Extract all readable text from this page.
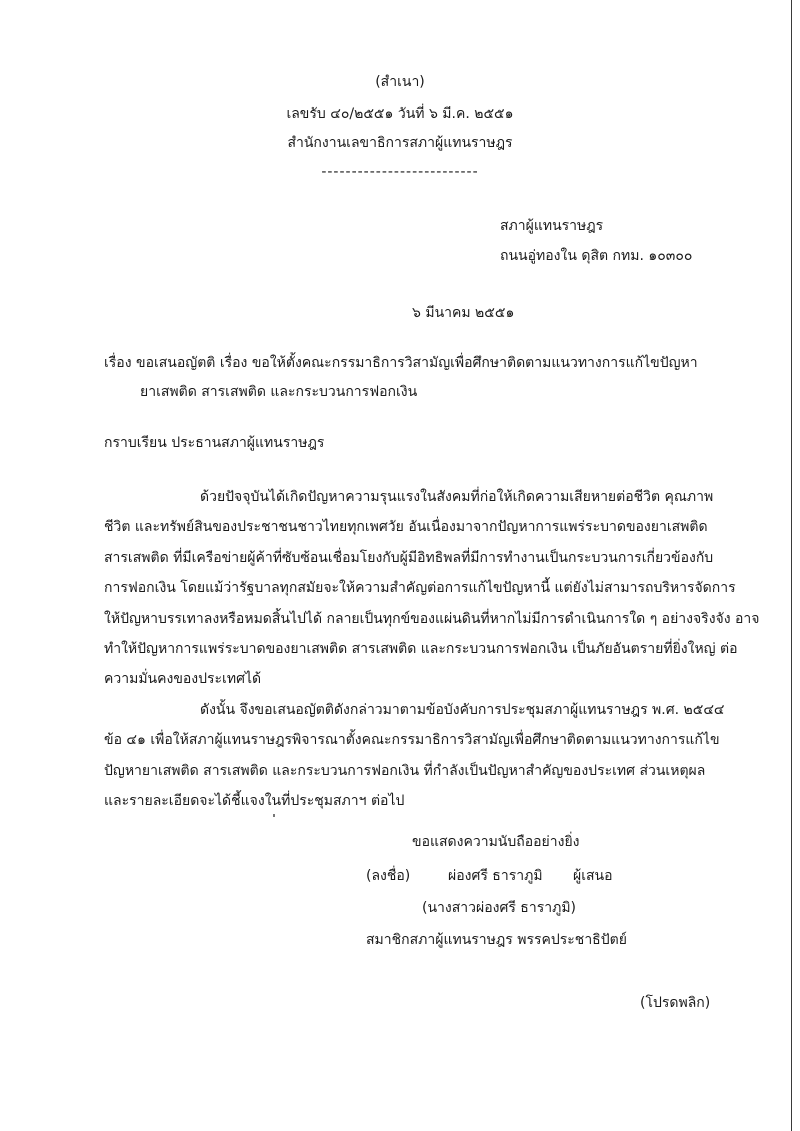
(สำเนา)
เลขรับ ๔๐/๒๕๕๑ วันที่ ๖ มี.ค. ๒๕๕๑
สำนักงานเลขาธิการสภาผู้แทนราษฎร
--------------------------
สภาผู้แทนราษฎร
ถนนอู่ทองใน ดุสิต กทม. ๑๐๓๐๐
๖ มีนาคม ๒๕๕๑
เรื่อง ขอเสนอญัตติ เรื่อง ขอให้ตั้งคณะกรรมาธิการวิสามัญเพื่อศึกษาติดตามแนวทางการแก้ไขปัญหา
ยาเสพติด สารเสพติด และกระบวนการฟอกเงิน
กราบเรียน ประธานสภาผู้แทนราษฎร
ด้วยปัจจุบันได้เกิดปัญหาความรุนแรงในสังคมที่ก่อให้เกิดความเสียหายต่อชีวิต คุณภาพ
ชีวิต และทรัพย์สินของประชาชนชาวไทยทุกเพศวัย อันเนื่องมาจากปัญหาการแพร่ระบาดของยาเสพติด
สารเสพติด ที่มีเครือข่ายผู้ค้าที่ซับซ้อนเชื่อมโยงกับผู้มีอิทธิพลที่มีการทำงานเป็นกระบวนการเกี่ยวข้องกับ
การฟอกเงิน โดยแม้ว่ารัฐบาลทุกสมัยจะให้ความสำคัญต่อการแก้ไขปัญหานี้ แต่ยังไม่สามารถบริหารจัดการ
ให้ปัญหาบรรเทาลงหรือหมดสิ้นไปได้ กลายเป็นทุกข์ของแผ่นดินที่หากไม่มีการดำเนินการใด ๆ อย่างจริงจัง อาจ
ทำให้ปัญหาการแพร่ระบาดของยาเสพติด สารเสพติด และกระบวนการฟอกเงิน เป็นภัยอันตรายที่ยิ่งใหญ่ ต่อ
ความมั่นคงของประเทศได้
ดังนั้น จึงขอเสนอญัตติดังกล่าวมาตามข้อบังคับการประชุมสภาผู้แทนราษฎร พ.ศ. ๒๕๔๔
ข้อ ๔๑ เพื่อให้สภาผู้แทนราษฎรพิจารณาตั้งคณะกรรมาธิการวิสามัญเพื่อศึกษาติดตามแนวทางการแก้ไข
ปัญหายาเสพติด สารเสพติด และกระบวนการฟอกเงิน ที่กำลังเป็นปัญหาสำคัญของประเทศ ส่วนเหตุผล
และรายละเอียดจะได้ชี้แจงในที่ประชุมสภาฯ ต่อไป
ขอแสดงความนับถืออย่างยิ่ง
(ลงชื่อ)	ผ่องศรี ธาราภูมิ ผู้เสนอ
(นางสาวผ่องศรี ธาราภูมิ)
สมาชิกสภาผู้แทนราษฎร พรรคประชาธิปัตย์
(โปรดพลิก)
